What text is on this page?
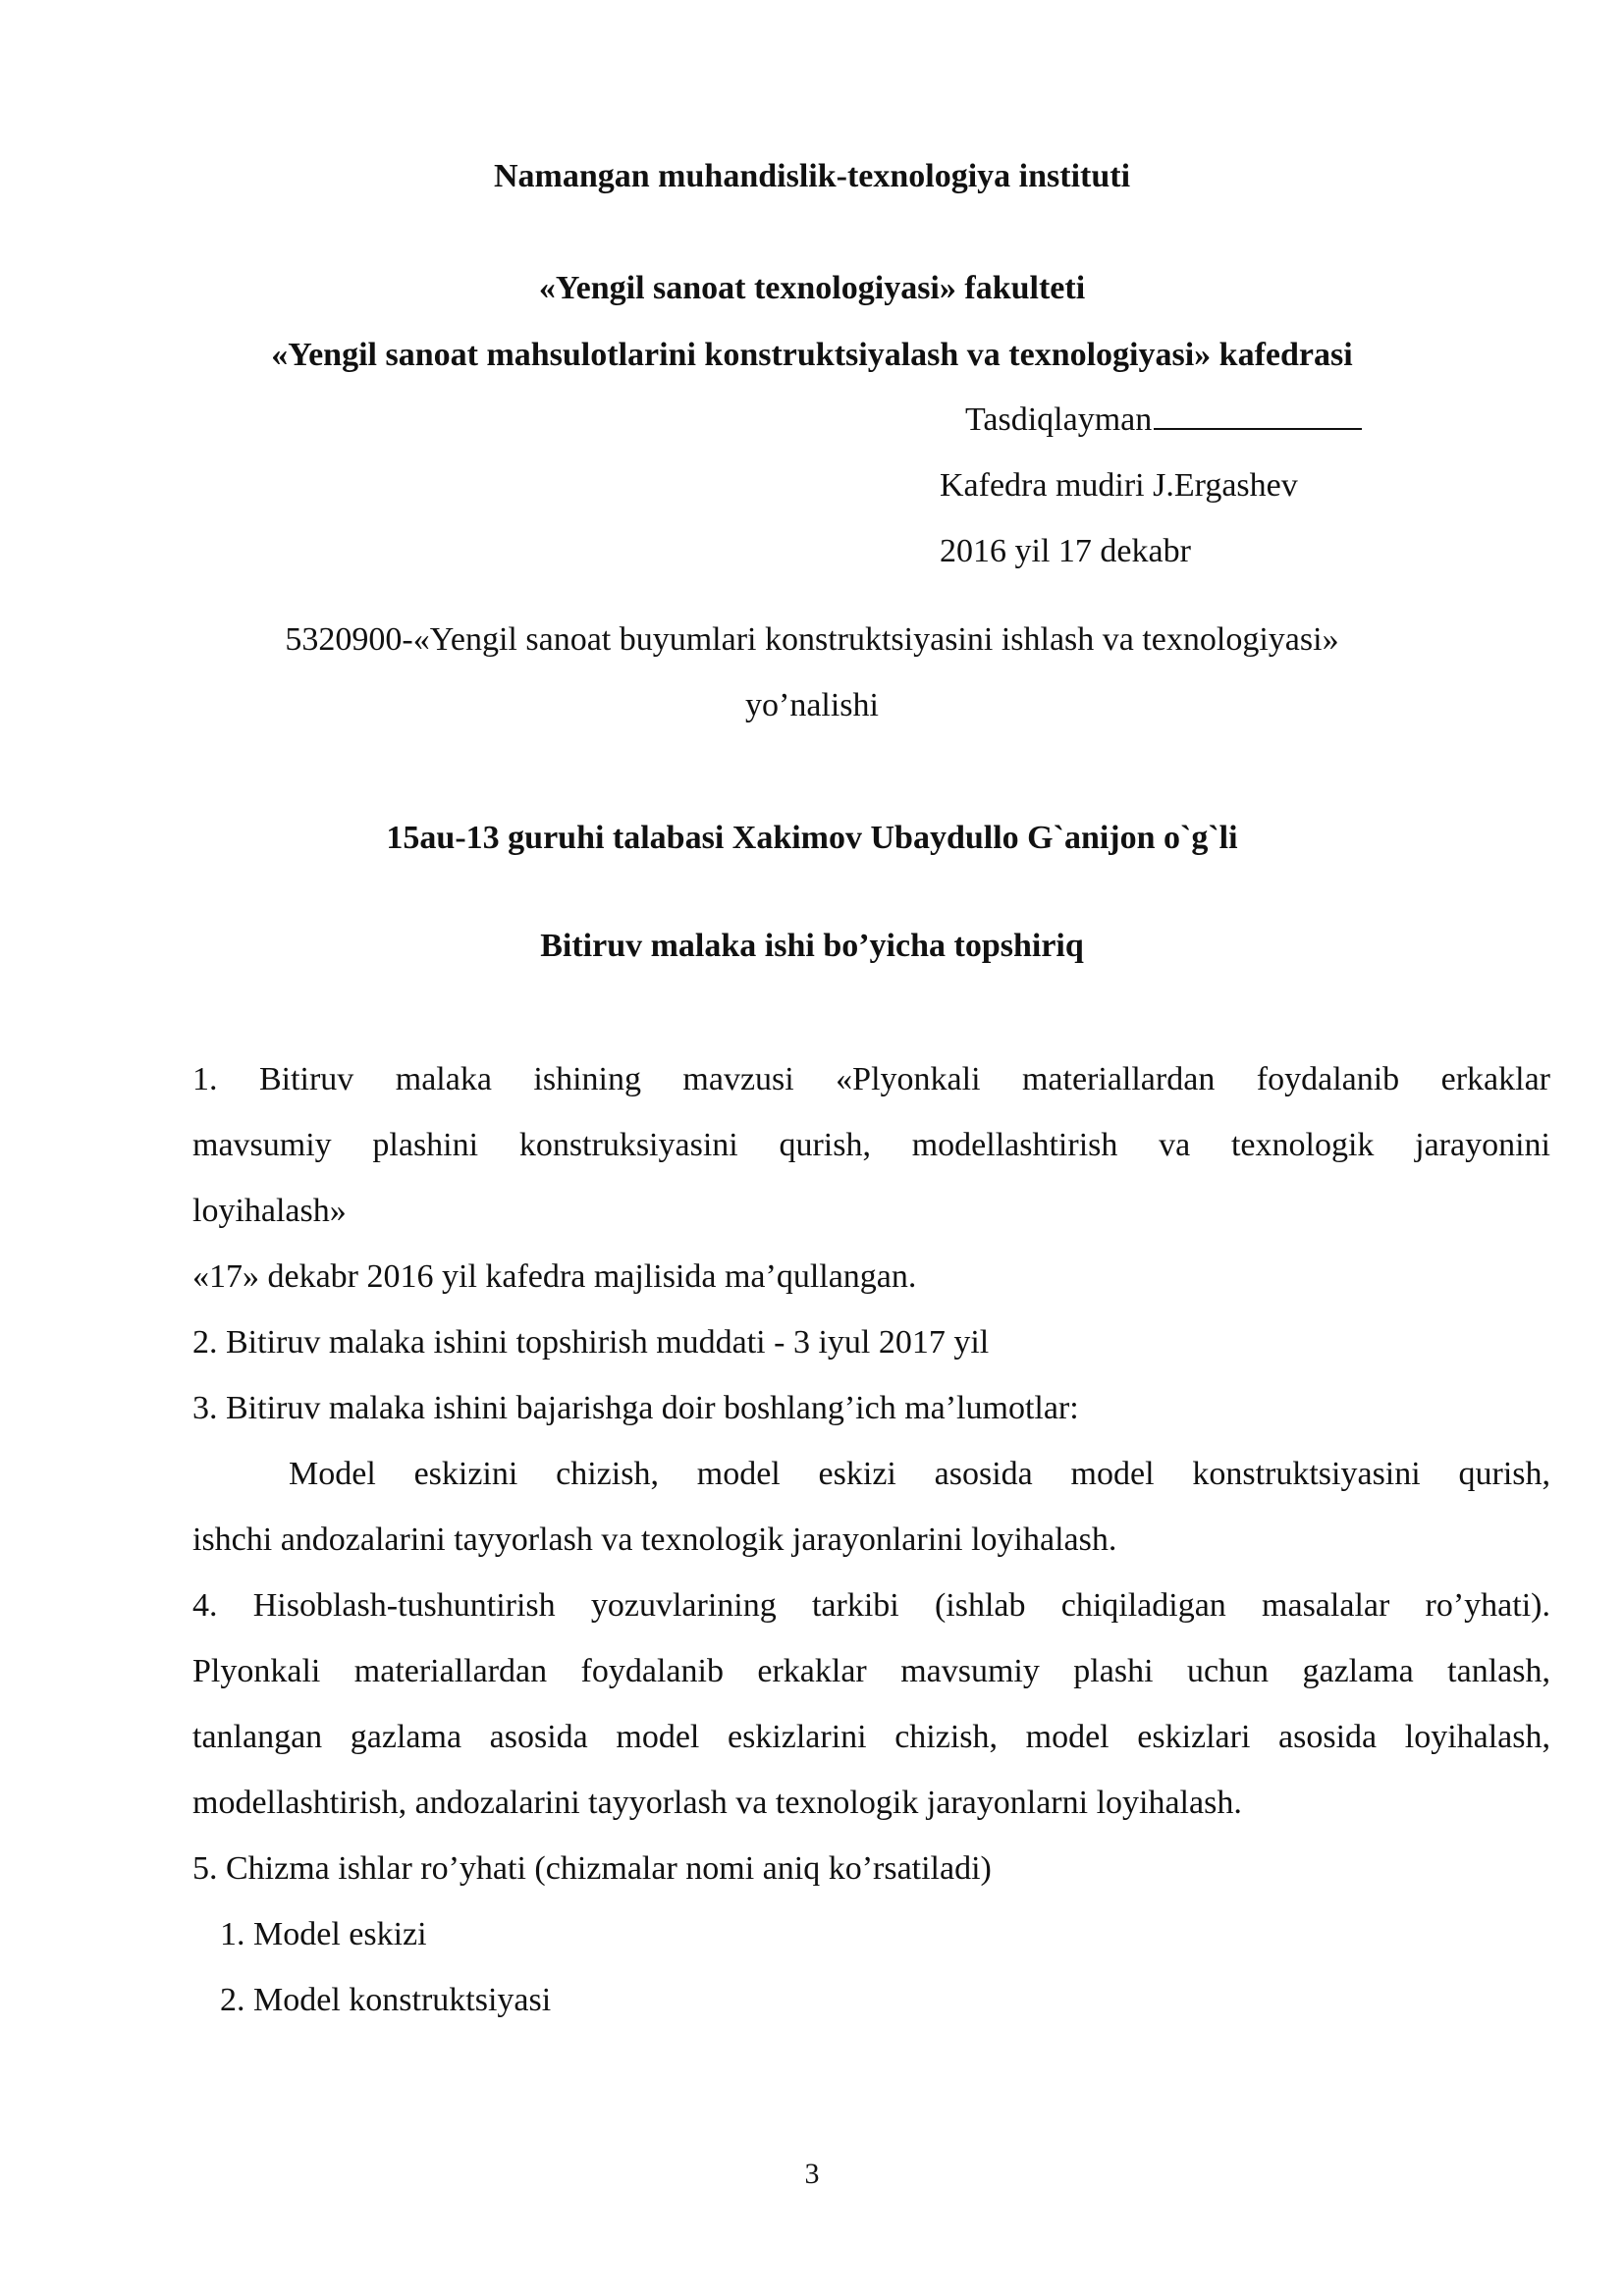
Namangan muhandislik-texnologiya instituti
«Yengil sanoat texnologiyasi» fakulteti
«Yengil sanoat mahsulotlarini konstruktsiyalash va texnologiyasi» kafedrasi
Tasdiqlayman
Kafedra mudiri J.Ergashev
2016 yil 17 dekabr
5320900-«Yengil sanoat buyumlari konstruktsiyasini ishlash va texnologiyasi»
yo’nalishi
15au-13 guruhi talabasi Xakimov Ubaydullo G`anijon o`g`li
Bitiruv malaka ishi bo’yicha topshiriq
1. Bitiruv malaka ishining mavzusi «Plyonkali materiallardan foydalanib erkaklar
mavsumiy plashini konstruksiyasini qurish, modellashtirish va texnologik jarayonini
loyihalash»
«17» dekabr 2016 yil kafedra majlisida ma’qullangan.
2. Bitiruv malaka ishini topshirish muddati - 3 iyul 2017 yil
3. Bitiruv malaka ishini bajarishga doir boshlang’ich ma’lumotlar:
Model eskizini chizish, model eskizi asosida model konstruktsiyasini qurish,
ishchi andozalarini tayyorlash va texnologik jarayonlarini loyihalash.
4. Hisoblash-tushuntirish yozuvlarining tarkibi (ishlab chiqiladigan masalalar ro’yhati).
Plyonkali materiallardan foydalanib erkaklar mavsumiy plashi uchun gazlama tanlash,
tanlangan gazlama asosida model eskizlarini chizish, model eskizlari asosida loyihalash,
modellashtirish, andozalarini tayyorlash va texnologik jarayonlarni loyihalash.
5. Chizma ishlar ro’yhati (chizmalar nomi aniq ko’rsatiladi)
1. Model eskizi
2. Model konstruktsiyasi
3
